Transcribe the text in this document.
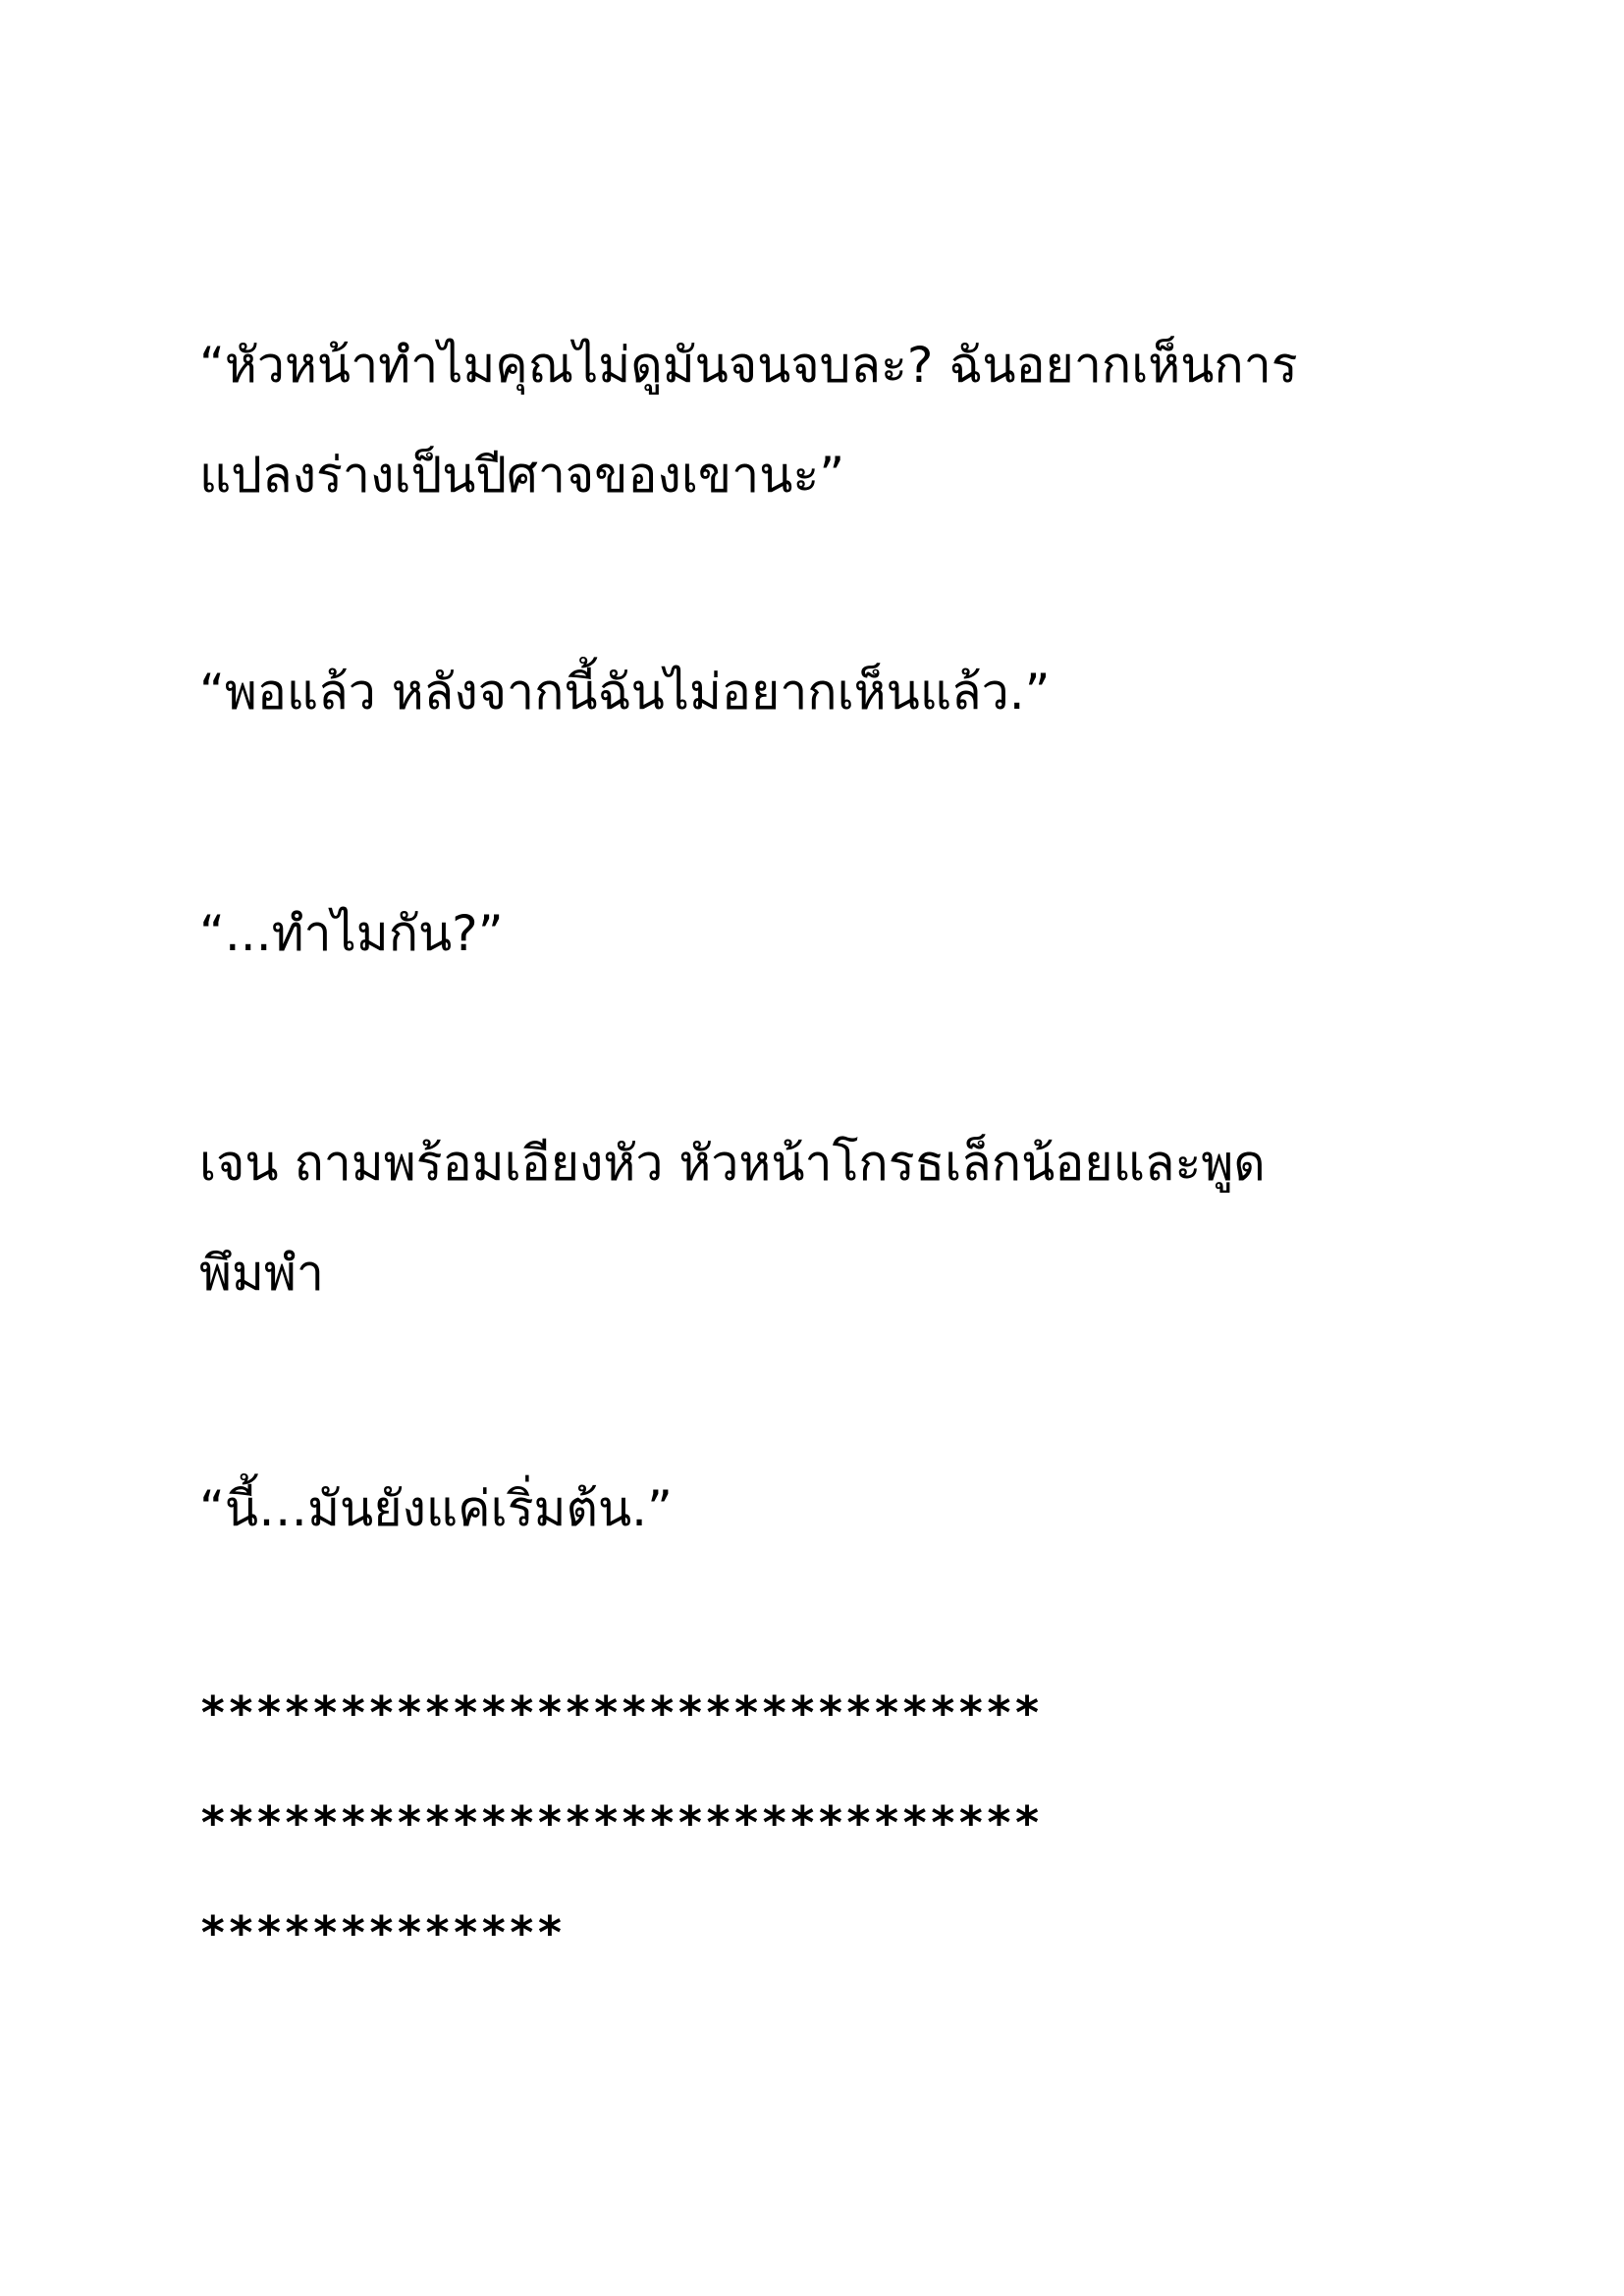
“หัวหน้าทำไมคุณไม่ดูมันจนจบละ? ฉันอยากเห็นการ

แปลงร่างเป็นปีศาจของเขานะ”

“พอแล้ว หลังจากนี้ฉันไม่อยากเห็นแล้ว.”

“...ทำไมกัน?”

เจน ถามพร้อมเอียงหัว หัวหน้าโกรธเล็กน้อยและพูด

พึมพำ

“นี้…มันยังแค่เริ่มต้น.”

******************************

******************************

*************
